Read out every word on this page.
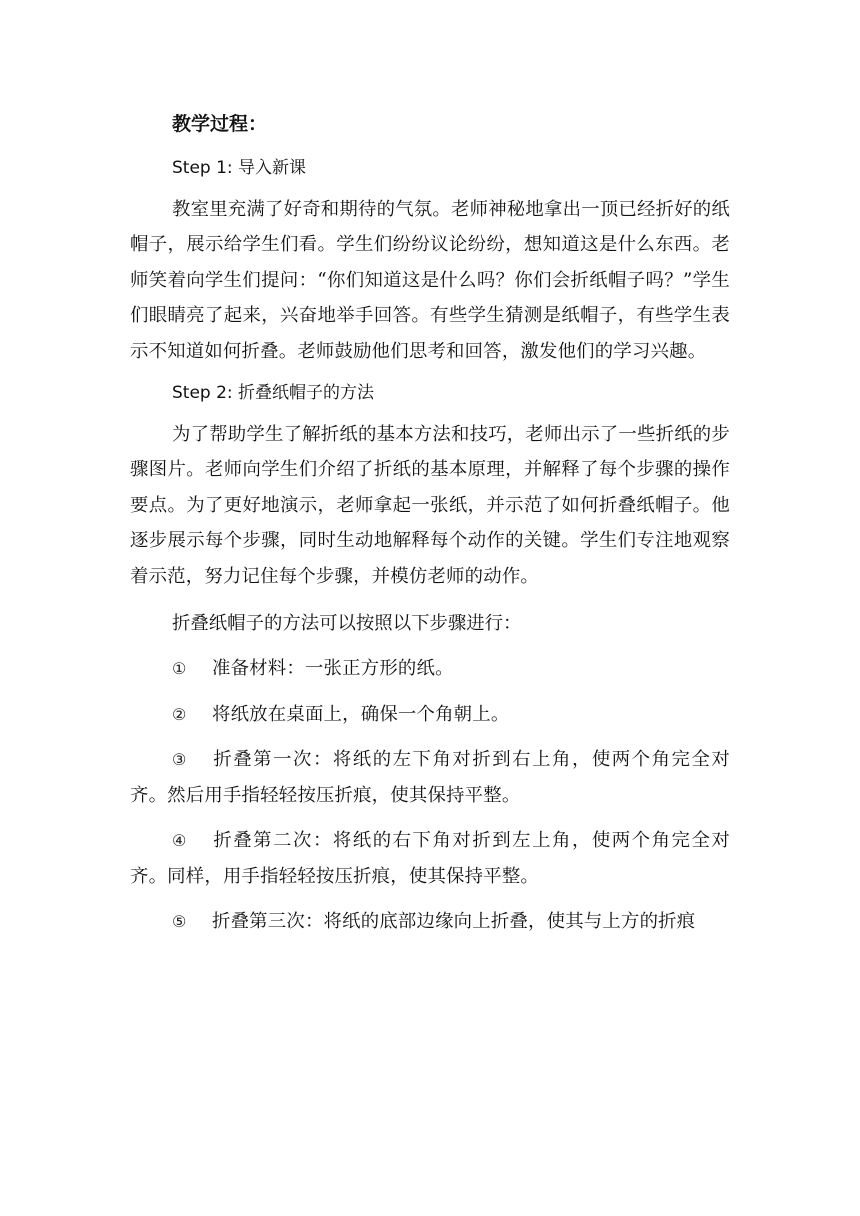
教学过程：
Step 1: 导入新课

教室里充满了好奇和期待的气氛。老师神秘地拿出一顶已经折好的纸帽子，展示给学生们看。学生们纷纷议论纷纷，想知道这是什么东西。老师笑着向学生们提问：“你们知道这是什么吗？你们会折纸帽子吗？”学生们眼睛亮了起来，兴奋地举手回答。有些学生猜测是纸帽子，有些学生表示不知道如何折叠。老师鼓励他们思考和回答，激发他们的学习兴趣。

Step 2: 折叠纸帽子的方法

为了帮助学生了解折纸的基本方法和技巧，老师出示了一些折纸的步骤图片。老师向学生们介绍了折纸的基本原理，并解释了每个步骤的操作要点。为了更好地演示，老师拿起一张纸，并示范了如何折叠纸帽子。他逐步展示每个步骤，同时生动地解释每个动作的关键。学生们专注地观察着示范，努力记住每个步骤，并模仿老师的动作。

折叠纸帽子的方法可以按照以下步骤进行：

① 准备材料：一张正方形的纸。

② 将纸放在桌面上，确保一个角朝上。

③ 折叠第一次：将纸的左下角对折到右上角，使两个角完全对齐。然后用手指轻轻按压折痕，使其保持平整。

④ 折叠第二次：将纸的右下角对折到左上角，使两个角完全对齐。同样，用手指轻轻按压折痕，使其保持平整。

⑤ 折叠第三次：将纸的底部边缘向上折叠，使其与上方的折痕
